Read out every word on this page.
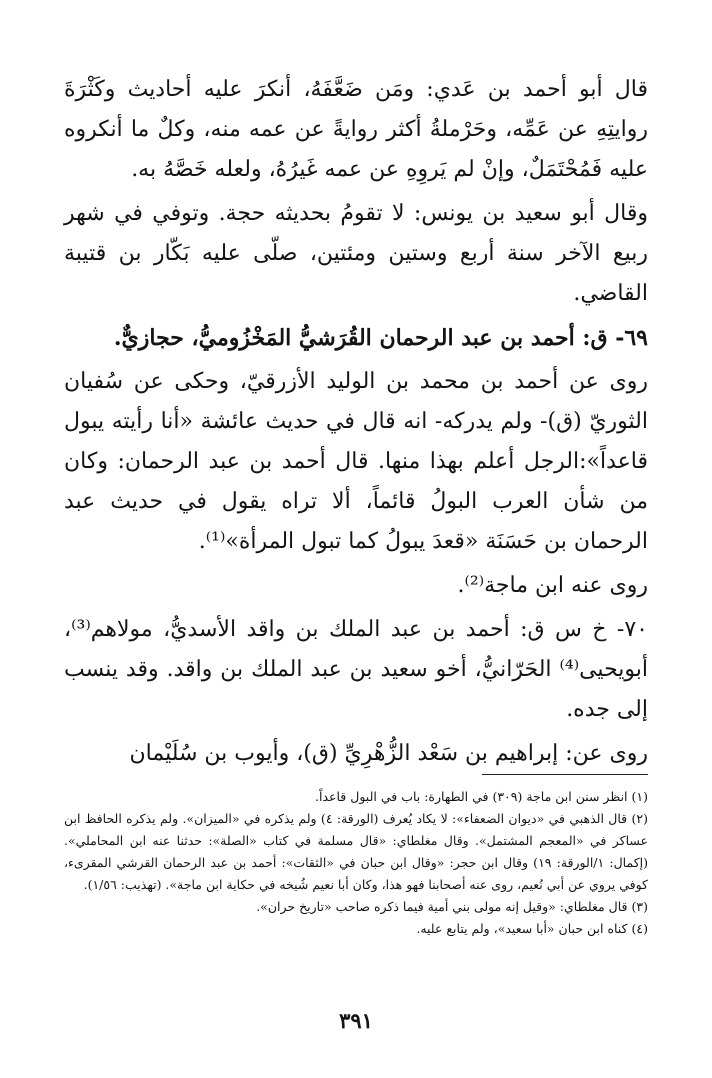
قال أبو أحمد بن عَدي: ومَن ضَعَّفَهُ، أنكرَ عليه أحاديث وكَثْرَةَ روايتِهِ عن عَمِّه، وحَرْملةُ أكثر روايةً عن عمه منه، وكلٌ ما أنكروه عليه فَمُحْتَمَلٌ، وإنْ لم يَروِهِ عن عمه غَيرُهُ، ولعله خَصَّهُ به.

وقال أبو سعيد بن يونس: لا تقومُ بحديثه حجة. وتوفي في شهر ربيع الآخر سنة أربع وستين ومئتين، صلّى عليه بَكّار بن قتيبة القاضي.

٦٩- ق: أحمد بن عبد الرحمان القُرَشيُّ المَخْزُوميُّ، حجازيٌّ.

روى عن أحمد بن محمد بن الوليد الأزرقيّ، وحكى عن سُفيان الثوريّ (ق)- ولم يدركه- انه قال في حديث عائشة «أنا رأيته يبول قاعداً»:الرجل أعلم بهذا منها. قال أحمد بن عبد الرحمان: وكان من شأن العرب البولُ قائماً، ألا تراه يقول في حديث عبد الرحمان بن حَسَنَة «قعدَ يبولُ كما تبول المرأة»⁽¹⁾.

روى عنه ابن ماجة⁽²⁾.

٧٠- خ س ق: أحمد بن عبد الملك بن واقد الأسديُّ، مولاهم⁽³⁾، أبويحيى⁽⁴⁾ الحَرّانيُّ، أخو سعيد بن عبد الملك بن واقد. وقد ينسب إلى جده.

روى عن: إبراهيم بن سَعْد الزُّهْرِيِّ (ق)، وأيوب بن سُلَيْمان

(١) انظر سنن ابن ماجة (٣٠٩) في الطهارة: باب في البول قاعداً.

(٢) قال الذهبي في «ديوان الضعفاء»: لا يكاد يُعرف (الورقة: ٤) ولم يذكره في «الميزان». ولم يذكره الحافظ ابن عساكر في «المعجم المشتمل». وقال مغلطاي: «قال مسلمة في كتاب «الصلة»: حدثنا عنه ابن المحاملي». (إكمال: ١/الورقة: ١٩) وقال ابن حجر: «وقال ابن حبان في «الثقات»: أحمد بن عبد الرحمان القرشي المقرىء، كوفي يروي عن أبي نُعيم، روى عنه أصحابنا فهو هذا، وكان أبا نعيم شُيخه في حكاية ابن ماجة». (تهذيب: ١/٥٦).

(٣) قال مغلطاي: «وقيل إنه مولى بني أمية فيما ذكره صاحب «تاريخ حران».

(٤) كناه ابن حبان «أبا سعيد»، ولم يتابع عليه.

٣٩١
